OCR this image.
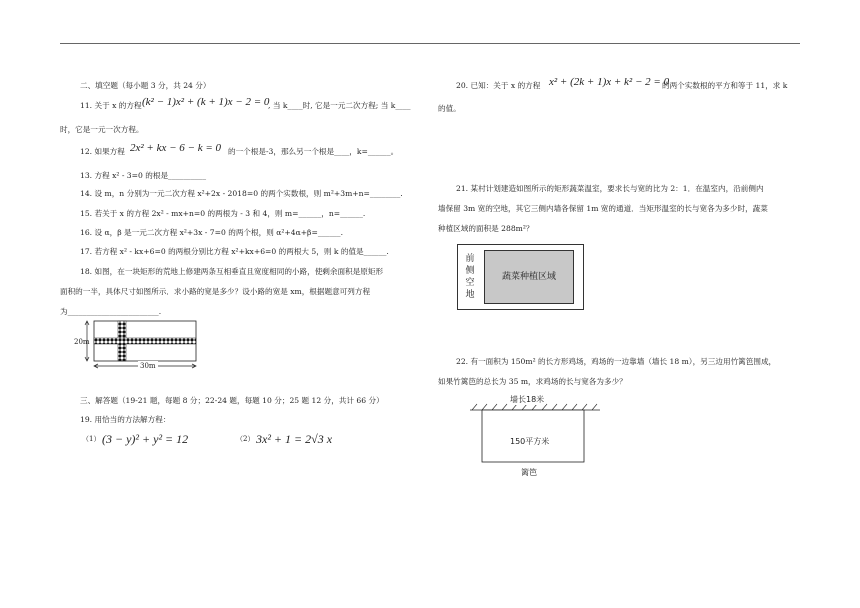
二、填空题（每小题 3 分，共 24 分）
11. 关于 x 的方程 (k² − 1)x² + (k + 1)x − 2 = 0
, 当 k____时, 它是一元二次方程; 当 k____
时，它是一元一次方程。
12. 如果方程 2x² + kx − 6 − k = 0 的一个根是-3，那么另一个根是____，k=______。
13. 方程 x² - 3=0 的根是__________
14. 设 m，n 分别为一元二次方程 x²+2x - 2018=0 的两个实数根，则 m²+3m+n=________.
15. 若关于 x 的方程 2x² - mx+n=0 的两根为 - 3 和 4，则 m=______，n=______.
16. 设 α，β 是一元二次方程 x²+3x - 7=0 的两个根，则 α²+4α+β=______.
17. 若方程 x² - kx+6=0 的两根分别比方程 x²+kx+6=0 的两根大 5，则 k 的值是______.
18. 如图，在一块矩形的荒地上修建两条互相垂直且宽度相同的小路，使剩余面积是原矩形
面积的一半，具体尺寸如图所示．求小路的宽是多少？设小路的宽是 xm，根据题意可列方程
为________________________.
20m
30m
三、解答题（19-21 题，每题 8 分；22-24 题，每题 10 分；25 题 12 分，共计 66 分）
19. 用恰当的方法解方程：
（1） (3 − y)² + y² = 12	（2） 3x² + 1 = 2√3 x
20. 已知：关于 x 的方程 x² + (2k + 1)x + k² − 2 = 0
的两个实数根的平方和等于 11，求 k
的值。
21. 某村计划建造如图所示的矩形蔬菜温室，要求长与宽的比为 2：1．在温室内，沿前侧内
墙保留 3m 宽的空地，其它三侧内墙各保留 1m 宽的通道．当矩形温室的长与宽各为多少时，蔬菜
种植区域的面积是 288m²？
前
侧
空
地
蔬菜种植区域
22. 有一面积为 150m² 的长方形鸡场，鸡场的一边靠墙（墙长 18 m），另三边用竹篱笆围成，
如果竹篱笆的总长为 35 m，求鸡场的长与宽各为多少？
墙长18米
150平方米
篱笆
